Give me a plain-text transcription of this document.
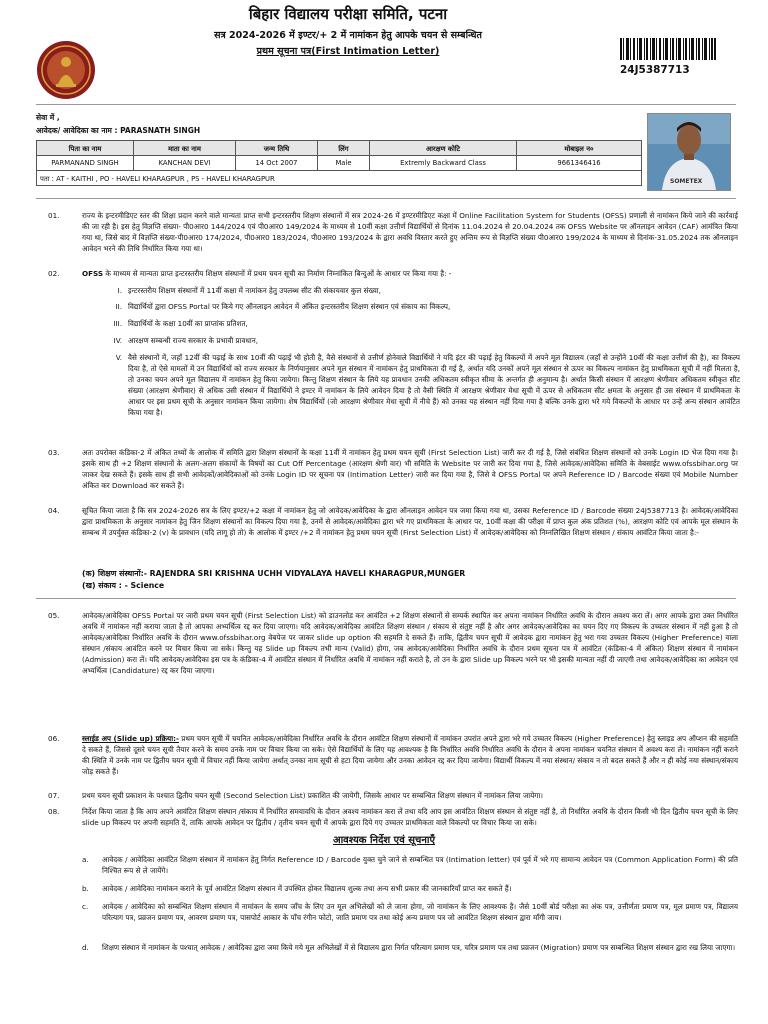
बिहार विद्यालय परीक्षा समिति, पटना
सत्र 2024-2026 में इण्टर/+ 2 में नामांकन हेतु आपके चयन से सम्बन्धित
प्रथम सूचना पत्र(First Intimation Letter)
24J5387713
सेवा में ,
आवेदक/ आवेदिका का नाम : PARASNATH SINGH
पिता का नाम	माता का नाम	जन्म तिथि	लिंग	आरक्षण कोटि	मोबाइल न०
PARMANAND SINGH	KANCHAN DEVI	14 Oct 2007	Male	Extremly Backward Class	9661346416
पता : AT - KAITHI , PO - HAVELI KHARAGPUR , PS - HAVELI KHARAGPUR						SOMETEX
01.	राज्य के इन्टरमीडिएट स्तर की शिक्षा प्रदान करने वाले मान्यता प्राप्त सभी इन्टरस्तरीय शिक्षण संस्थानों में सत्र 2024-26 में इण्टरमीडिएट कक्षा में Online Facilitation System for Students (OFSS) प्रणाली से नामांकन किये जाने की कार्रवाई की जा रही है। इस हेतु विज्ञप्ति संख्या- पी0आर0 144/2024 एवं पी0आर0 149/2024 के माध्यम से 10वीं कक्षा उत्तीर्ण विद्यार्थियों से दिनांक 11.04.2024 से 20.04.2024 तक OFSS Website पर ऑनलाइन आवेदन (CAF) आमंत्रित किया गया था, जिसे बाद में विज्ञप्ति संख्या-पी0आर0 174/2024, पी0आर0 183/2024, पी0आर0 193/2024 के द्वारा अवधि विस्तार करते हुए अन्तिम रूप से विज्ञप्ति संख्या पी0आर0 199/2024 के माध्यम से दिनांक-31.05.2024 तक ऑनलाइन आवेदन भरने की तिथि निर्धारित किया गया था।
02.	OFSS के माध्यम से मान्यता प्राप्त इन्टरस्तरीय शिक्षण संस्थानों में प्रथम चयन सूची का निर्माण निम्नांकित बिन्दुओं के आधार पर किया गया है: -
I. इन्टरस्तरीय शिक्षण संस्थानों में 11वीं कक्षा में नामांकन हेतु उपलब्ध सीट की संकायवार कुल संख्या,
II. विद्यार्थियों द्वारा OFSS Portal पर किये गए ऑनलाइन आवेदन में अंकित इन्टरस्तरीय शिक्षण संस्थान एवं संकाय का विकल्प,
III. विद्यार्थियों के कक्षा 10वीं का प्राप्तांक प्रतिशत,
IV. आरक्षण सम्बन्धी राज्य सरकार के प्रभावी प्रावधान,
V. वैसे संस्थानों में, जहाँ 12वीं की पढ़ाई के साथ 10वीं की पढ़ाई भी होती है, वैसे संस्थानों से उत्तीर्ण होनेवाले विद्यार्थियों ने यदि इंटर की पढ़ाई हेतु विकल्पों में अपने मूल विद्यालय (जहाँ से उन्होंने 10वीं की कक्षा उत्तीर्ण की है), का विकल्प दिया है, तो ऐसे मामलों में उन विद्यार्थियों को राज्य सरकार के निर्णयानुसार अपने मूल संस्थान में नामांकन हेतु प्राथमिकता दी गई है, अर्थात यदि उनकों अपने मूल संस्थान से ऊपर का विकल्प नामांकन हेतु प्राथमिकता सूची में नहीं मिलता है, तो उनका चयन अपने मूल विद्यालय में नामांकन हेतु किया जायेगा। किन्तु शिक्षण संस्थान के लिये यह प्रावधान उनकी अधिकतम स्वीकृत सीमा के अन्तर्गत ही अनुमान्य है। अर्थात किसी संस्थान में आरक्षण श्रेणीवार अधिकतम स्वीकृत सीट संख्या (आरक्षण श्रेणीवार) से अधिक उसी संस्थान में विद्यार्थियों ने इण्टर में नामांकन के लिये आवेदन दिया है तो वैसी स्थिति में आरक्षण श्रेणीवार मेधा सूची में ऊपर से अधिकतम सीट क्षमता के अनुसार ही उस संस्थान में प्राथमिकता के आधार पर इस प्रथम सूची के अनुसार नामांकन किया जायेगा। शेष विद्यार्थियों (जो आरक्षण श्रेणीवार मेधा सूची में नीचे हैं) को उनका यह संस्थान नहीं दिया गया है बल्कि उनके द्वारा भरे गये विकल्पों के आधार पर उन्हें अन्य संस्थान आवंटित किया गया है।
03.	अतः उपरोक्त कंडिका-2 में अंकित तथ्यों के आलोक में समिति द्वारा शिक्षण संस्थानों के कक्षा 11वीं में नामांकन हेतु प्रथम चयन सूची (First Selection List) जारी कर दी गई है, जिसे संबंधित शिक्षण संस्थानों को उनके Login ID भेज दिया गया है। इसके साथ ही +2 शिक्षण संस्थानों के अलग-अलग संकायों के विषयों का Cut Off Percentage (आरक्षण श्रेणी वार) भी समिति के Website पर जारी कर दिया गया है, जिसे आवेदक/आवेदिका समिति के वेबसाईट www.ofssbihar.org पर जाकर देख सकते हैं। इसके साथ ही सभी आवेदकों/आवेदिकाओं को उनके Login ID पर सूचना पत्र (Intimation Letter) जारी कर दिया गया है, जिसे वे OFSS Portal पर अपने Reference ID / Barcode संख्या एवं Mobile Number अंकित कर Download कर सकते हैं।
04.	सूचित किया जाता है कि सत्र 2024-2026 सत्र के लिए इण्टर/+2 कक्षा में नामांकन हेतु जो आवेदक/आवेदिका के द्वारा ऑनलाइन आवेदन पत्र जमा किया गया था, उसका Reference ID / Barcode संख्या 24J5387713 है। आवेदक/आवेदिका द्वारा प्राथमिकता के अनुसार नामांकन हेतु जिन शिक्षण संस्थानों का विकल्प दिया गया है, उनमें से आवेदक/आवेदिका द्वारा भरे गए प्राथमिकता के आधार पर, 10वीं कक्षा की परीक्षा में प्राप्त कुल अंक प्रतिशत (%), आरक्षण कोटि एवं आपके मूल संस्थान के सम्बन्ध में उपर्युक्त कंडिका-2 (v) के प्रावधान (यदि लागू हो तो) के आलोक में इण्टर /+2 में नामांकन हेतु प्रथम चयन सूची (First Selection List) में आवेदक/आवेदिका को निम्नलिखित शिक्षण संस्थान / संकाय आवंटित किया जाता है:-
(क) शिक्षण संस्थानों:- RAJENDRA SRI KRISHNA UCHH VIDYALAYA HAVELI KHARAGPUR,MUNGER
(ख) संकाय : - Science
05.	आवेदक/आवेदिका OFSS Portal पर जारी प्रथम चयन सूची (First Selection List) को डाउनलोड कर आवंटित +2 शिक्षण संस्थानों से सम्पर्क स्थापित कर अपना नामांकन निर्धारित अवधि के दौरान अवश्य करा लें। अगर आपके द्वारा उक्त निर्धारित अवधि में नामांकन नहीं कराया जाता है तो आपका अभ्यर्थित्व रद्द कर दिया जाएगा। यदि आवेदक/आवेदिका आवंटित शिक्षण संस्थान / संकाय से संतुष्ट नहीं है और अगर आवेदक/आवेदिका का चयन दिए गए विकल्प के उच्चतर संस्थान में नहीं हुआ है तो आवेदक/आवेदिका निर्धारित अवधि के दौरान www.ofssbihar.org वेबपेज पर जाकर slide up option की सहमति दे सकते हैं। ताकि, द्वितीय चयन सूची में आवेदक द्वारा नामांकन हेतु भरा गया उच्चतर विकल्प (Higher Preference) वाला संस्थान /संकाय आवंटित करने पर विचार किया जा सके। किन्तु यह Slide up विकल्प तभी मान्य (Valid) होगा, जब आवेदक/आवेदिका निर्धारित अवधि के दौरान प्रथम सूचना पत्र में आवंटित (कंडिका-4 में अंकित) शिक्षण संस्थान में नामांकन (Admission) करा लें। यदि आवेदक/आवेदिका इस पत्र के कंडिका-4 में आवंटित संस्थान में निर्धारित अवधि में नामांकन नहीं कराते है, तो उन के द्वारा Slide up विकल्प भरने पर भी इसकी मान्यता नहीं दी जाएगी तथा आवेदक/आवेदिका का आवेदन एवं अभ्यर्थित्व (Candidature) रद्द कर दिया जाएगा।
06.	स्लाईड अप (Slide up) प्रक्रिया:- प्रथम चयन सूची में चयनित आवेदक/आवेदिका निर्धारित अवधि के दौरान आवंटित शिक्षण संस्थानों में नामांकन उपरांत अपने द्वारा भरे गये उच्चतर विकल्प (Higher Preference) हेतु स्लाइड अप ऑप्शन की सहमति दे सकते हैं, जिससे दूसरे चयन सूची तैयार करने के समय उनके नाम पर विचार किया जा सके। ऐसे विद्यार्थियों के लिए यह आवश्यक है कि निर्धारित अवधि निर्धारित अवधि के दौरान वे अपना नामांकन चयनित संस्थान में अवश्य करा लें। नामांकन नहीं कराने की स्थिति में उनके नाम पर द्वितीय चयन सूची में विचार नहीं किया जायेगा अर्थात् उनका नाम सूची से हटा दिया जायेगा और उनका आवेदन रद्द कर दिया जायेगा। विद्यार्थी विकल्प में नया संस्थान/ संकाय न तो बदल सकते हैं और न ही कोई नया संस्थान/संकाय जोड़ सकते हैं।
07.	प्रथम चयन सूची प्रकाशन के पश्चात द्वितीय चयन सूची (Second Selection List) प्रकाशित की जायेगी, जिसके आधार पर सम्बन्धित शिक्षण संस्थान में नामांकन लिया जायेगा।
08.	निर्देश किया जाता है कि आप अपने आवंटित शिक्षण संस्थान /संकाय में निर्धारित समयावधि के दौरान अवश्य नामांकन करा लें तथा यदि आप इस आवंटित शिक्षण संस्थान से संतुष्ट नहीं है, तो निर्धारित अवधि के दौरान किसी भी दिन द्वितीय चयन सूची के लिए slide up विकल्प पर अपनी सहमति दें, ताकि आपके आवेदन पर द्वितीय / तृतीय चयन सूची में आपके द्वारा दिये गए उच्चतर प्राथमिकता वाले विकल्पों पर विचार किया जा सके।
आवश्यक निर्देश एवं सूचनाएँ
a.	आवेदक / आवेदिका आवंटित शिक्षण संस्थान में नामांकन हेतु निर्गत Reference ID / Barcode युक्त चुने जाने से सम्बन्धित पत्र (Intimation letter) एवं पूर्व में भरे गए सामान्य आवेदन पत्र (Common Application Form) की प्रति निश्चित रूप से ले जायेंगे।
b.	आवेदक / आवेदिका नामांकन कराने के पूर्व आवंटित शिक्षण संस्थान में उपस्थित होकर विद्यालय शुल्क तथा अन्य सभी प्रकार की जानकारियाँ प्राप्त कर सकते हैं।
c.	आवेदक / आवेदिका को सम्बन्धित शिक्षण संस्थान में नामांकन के समय जाँच के लिए उन मूल अभिलेखों को ले जाना होगा, जो नामांकन के लिए आवश्यक है। जैसे 10वीं बोर्ड परीक्षा का अंक पत्र, उत्तीर्णता प्रमाण पत्र, मूल प्रमाण पत्र, विद्यालय परित्याग पत्र, प्रव्रजन प्रमाण पत्र, आवरण प्रमाण पत्र, पासपोर्ट आकार के पाँच रंगीन फोटो, जाति प्रमाण पत्र तथा कोई अन्य प्रमाण पत्र जो आवंटित शिक्षण संस्थान द्वारा माँगी जाय।
d.	शिक्षण संस्थान में नामांकन के पश्चात् आवेदक / आवेदिका द्वारा जमा किये गये मूल अभिलेखों में से विद्यालय द्वारा निर्गत परित्याग प्रमाण पत्र, चरित्र प्रमाण पत्र तथा प्रव्रजन (Migration) प्रमाण पत्र सम्बन्धित शिक्षण संस्थान द्वारा रख लिया जाएगा।
